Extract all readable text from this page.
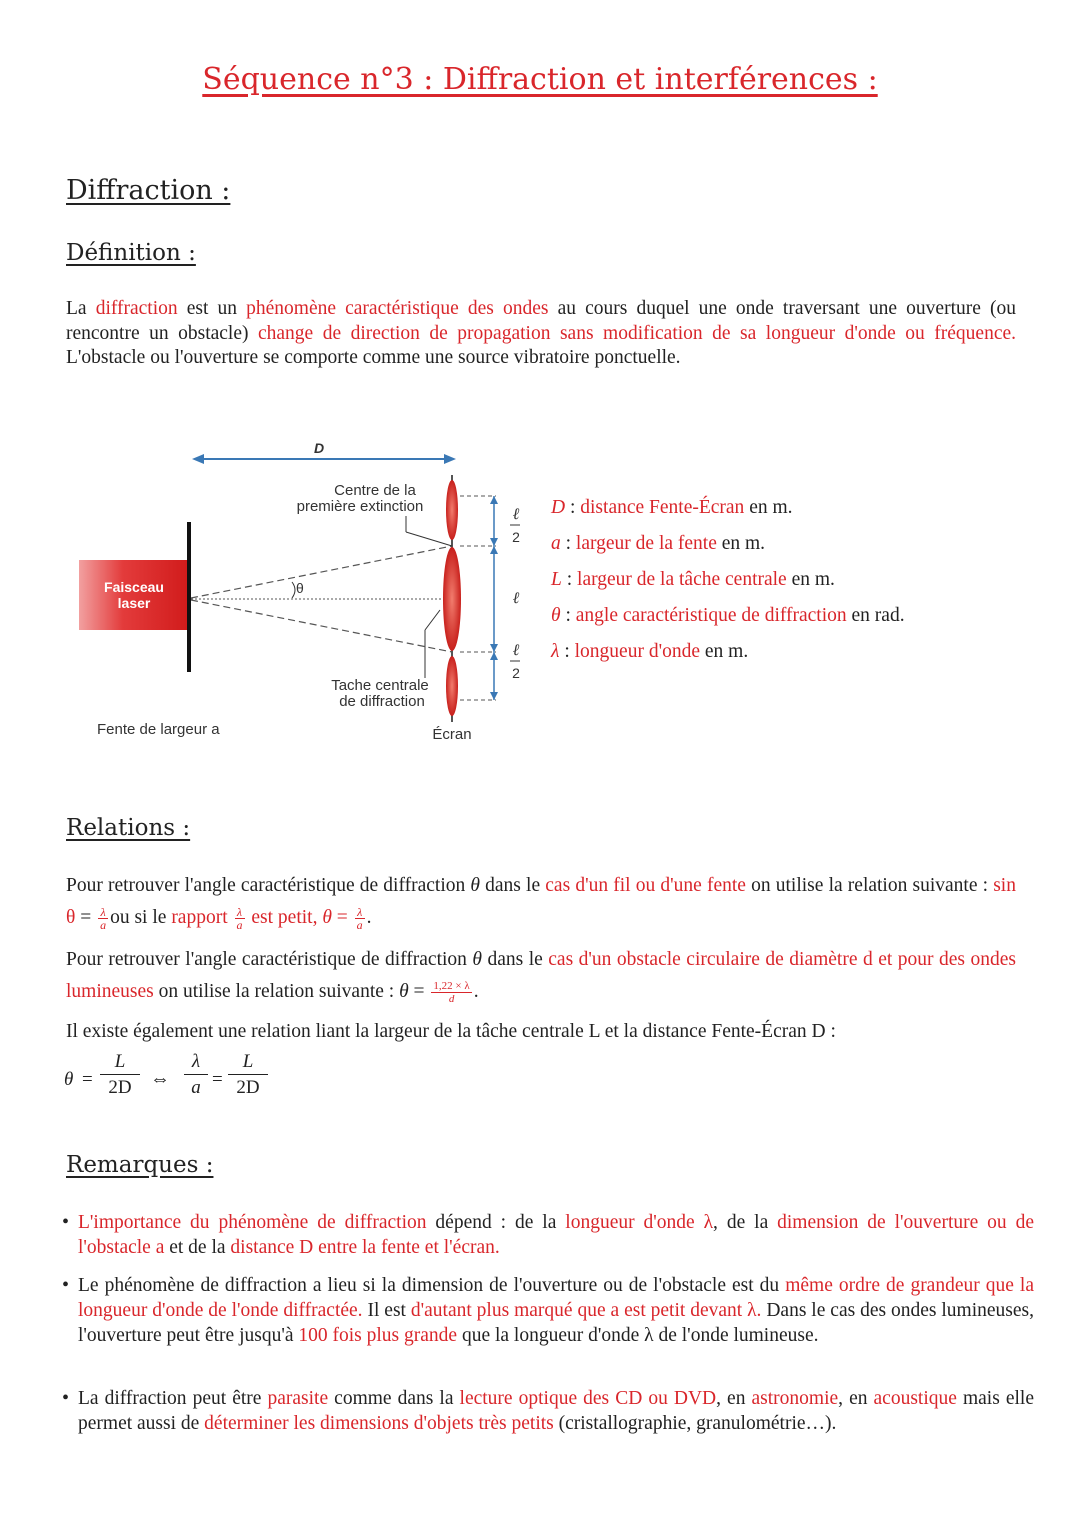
Séquence n°3 : Diffraction et interférences :
Diffraction :
Définition :
La diffraction est un phénomène caractéristique des ondes au cours duquel une onde traversant une ouverture (ou rencontre un obstacle) change de direction de propagation sans modification de sa longueur d'onde ou fréquence. L'obstacle ou l'ouverture se comporte comme une source vibratoire ponctuelle.
D
Faisceau
laser
θ
Centre de la
première extinction
Tache centrale
de diffraction
ℓ
2
ℓ
ℓ
2
Fente de largeur a	Écran
D : distance Fente-Écran en m.
a : largeur de la fente en m.
L : largeur de la tâche centrale en m.
θ : angle caractéristique de diffraction en rad.
λ : longueur d'onde en m.
Relations :
Pour retrouver l'angle caractéristique de diffraction θ dans le cas d'un fil ou d'une fente on utilise la relation suivante : $\sin \theta = \frac{\lambda}{a}$ ou si le rapport $\frac{\lambda}{a}$ est petit, $\theta = \frac{\lambda}{a}$ .
Pour retrouver l'angle caractéristique de diffraction θ dans le cas d'un obstacle circulaire de diamètre d et pour des ondes lumineuses on utilise la relation suivante : $\theta = \frac{1,22 \times \lambda}{d}$ .
Il existe également une relation liant la largeur de la tâche centrale L et la distance Fente-Écran D :
θ =
L
2D ⇔
λ
a =
L
2D
Remarques :
• L'importance du phénomène de diffraction dépend : de la longueur d'onde λ, de la dimension de l'ouverture ou de l'obstacle a et de la distance D entre la fente et l'écran.
• Le phénomène de diffraction a lieu si la dimension de l'ouverture ou de l'obstacle est du même ordre de grandeur que la longueur d'onde de l'onde diffractée. Il est d'autant plus marqué que a est petit devant λ. Dans le cas des ondes lumineuses, l'ouverture peut être jusqu'à 100 fois plus grande que la longueur d'onde λ de l'onde lumineuse.
• La diffraction peut être parasite comme dans la lecture optique des CD ou DVD, en astronomie, en acoustique mais elle permet aussi de déterminer les dimensions d'objets très petits (cristallographie, granulométrie…).
